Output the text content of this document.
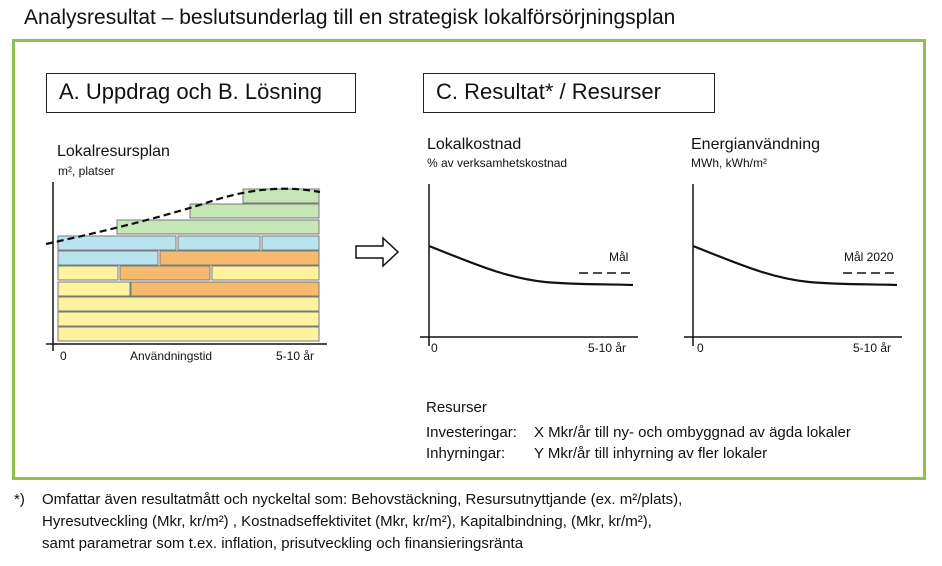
Analysresultat – beslutsunderlag till en strategisk lokalförsörjningsplan
A. Uppdrag och B. Lösning	C. Resultat* / Resurser
Lokalresursplan
m², platser
0	Användningstid	5-10 år
Lokalkostnad
% av verksamhetskostnad
Mål
0	5-10 år
Energianvändning
MWh, kWh/m²
Mål 2020
0	5-10 år
Resurser
Investeringar: X Mkr/år till ny- och ombyggnad av ägda lokaler
Inhyrningar: Y Mkr/år till inhyrning av fler lokaler
*) Omfattar även resultatmått och nyckeltal som: Behovstäckning, Resursutnyttjande (ex. m²/plats),
Hyresutveckling (Mkr, kr/m²) , Kostnadseffektivitet (Mkr, kr/m²), Kapitalbindning, (Mkr, kr/m²),
samt parametrar som t.ex. inflation, prisutveckling och finansieringsränta
